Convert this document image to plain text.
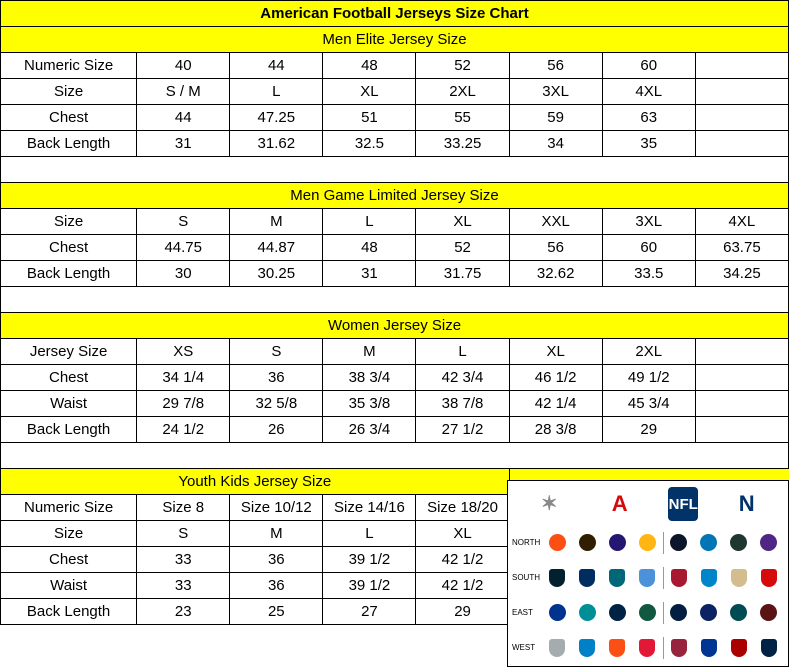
American Football Jerseys Size Chart							
Men Elite Jersey Size							
Numeric Size	40	44	48	52	56	60	
Size	S / M	L	XL	2XL	3XL	4XL	
Chest	44	47.25	51	55	59	63	
Back Length	31	31.62	32.5	33.25	34	35	

Men Game Limited Jersey Size							
Size	S	M	L	XL	XXL	3XL	4XL
Chest	44.75	44.87	48	52	56	60	63.75
Back Length	30	30.25	31	31.75	32.62	33.5	34.25

Women Jersey Size							
Jersey Size	XS	S	M	L	XL	2XL	
Chest	34 1/4	36	38 3/4	42 3/4	46 1/2	49 1/2	
Waist	29 7/8	32 5/8	35 3/8	38 7/8	42 1/4	45 3/4	
Back Length	24 1/2	26	26 3/4	27 1/2	28 3/8	29	

Youth Kids Jersey Size							
Numeric Size	Size 8	Size 10/12	Size 14/16	Size 18/20			
Size	S	M	L	XL			
Chest	33	36	39 1/2	42 1/2			
Waist	33	36	39 1/2	42 1/2			
Back Length	23	25	27	29			
✶	A	NFL	N
NORTH
SOUTH
EAST
WEST
